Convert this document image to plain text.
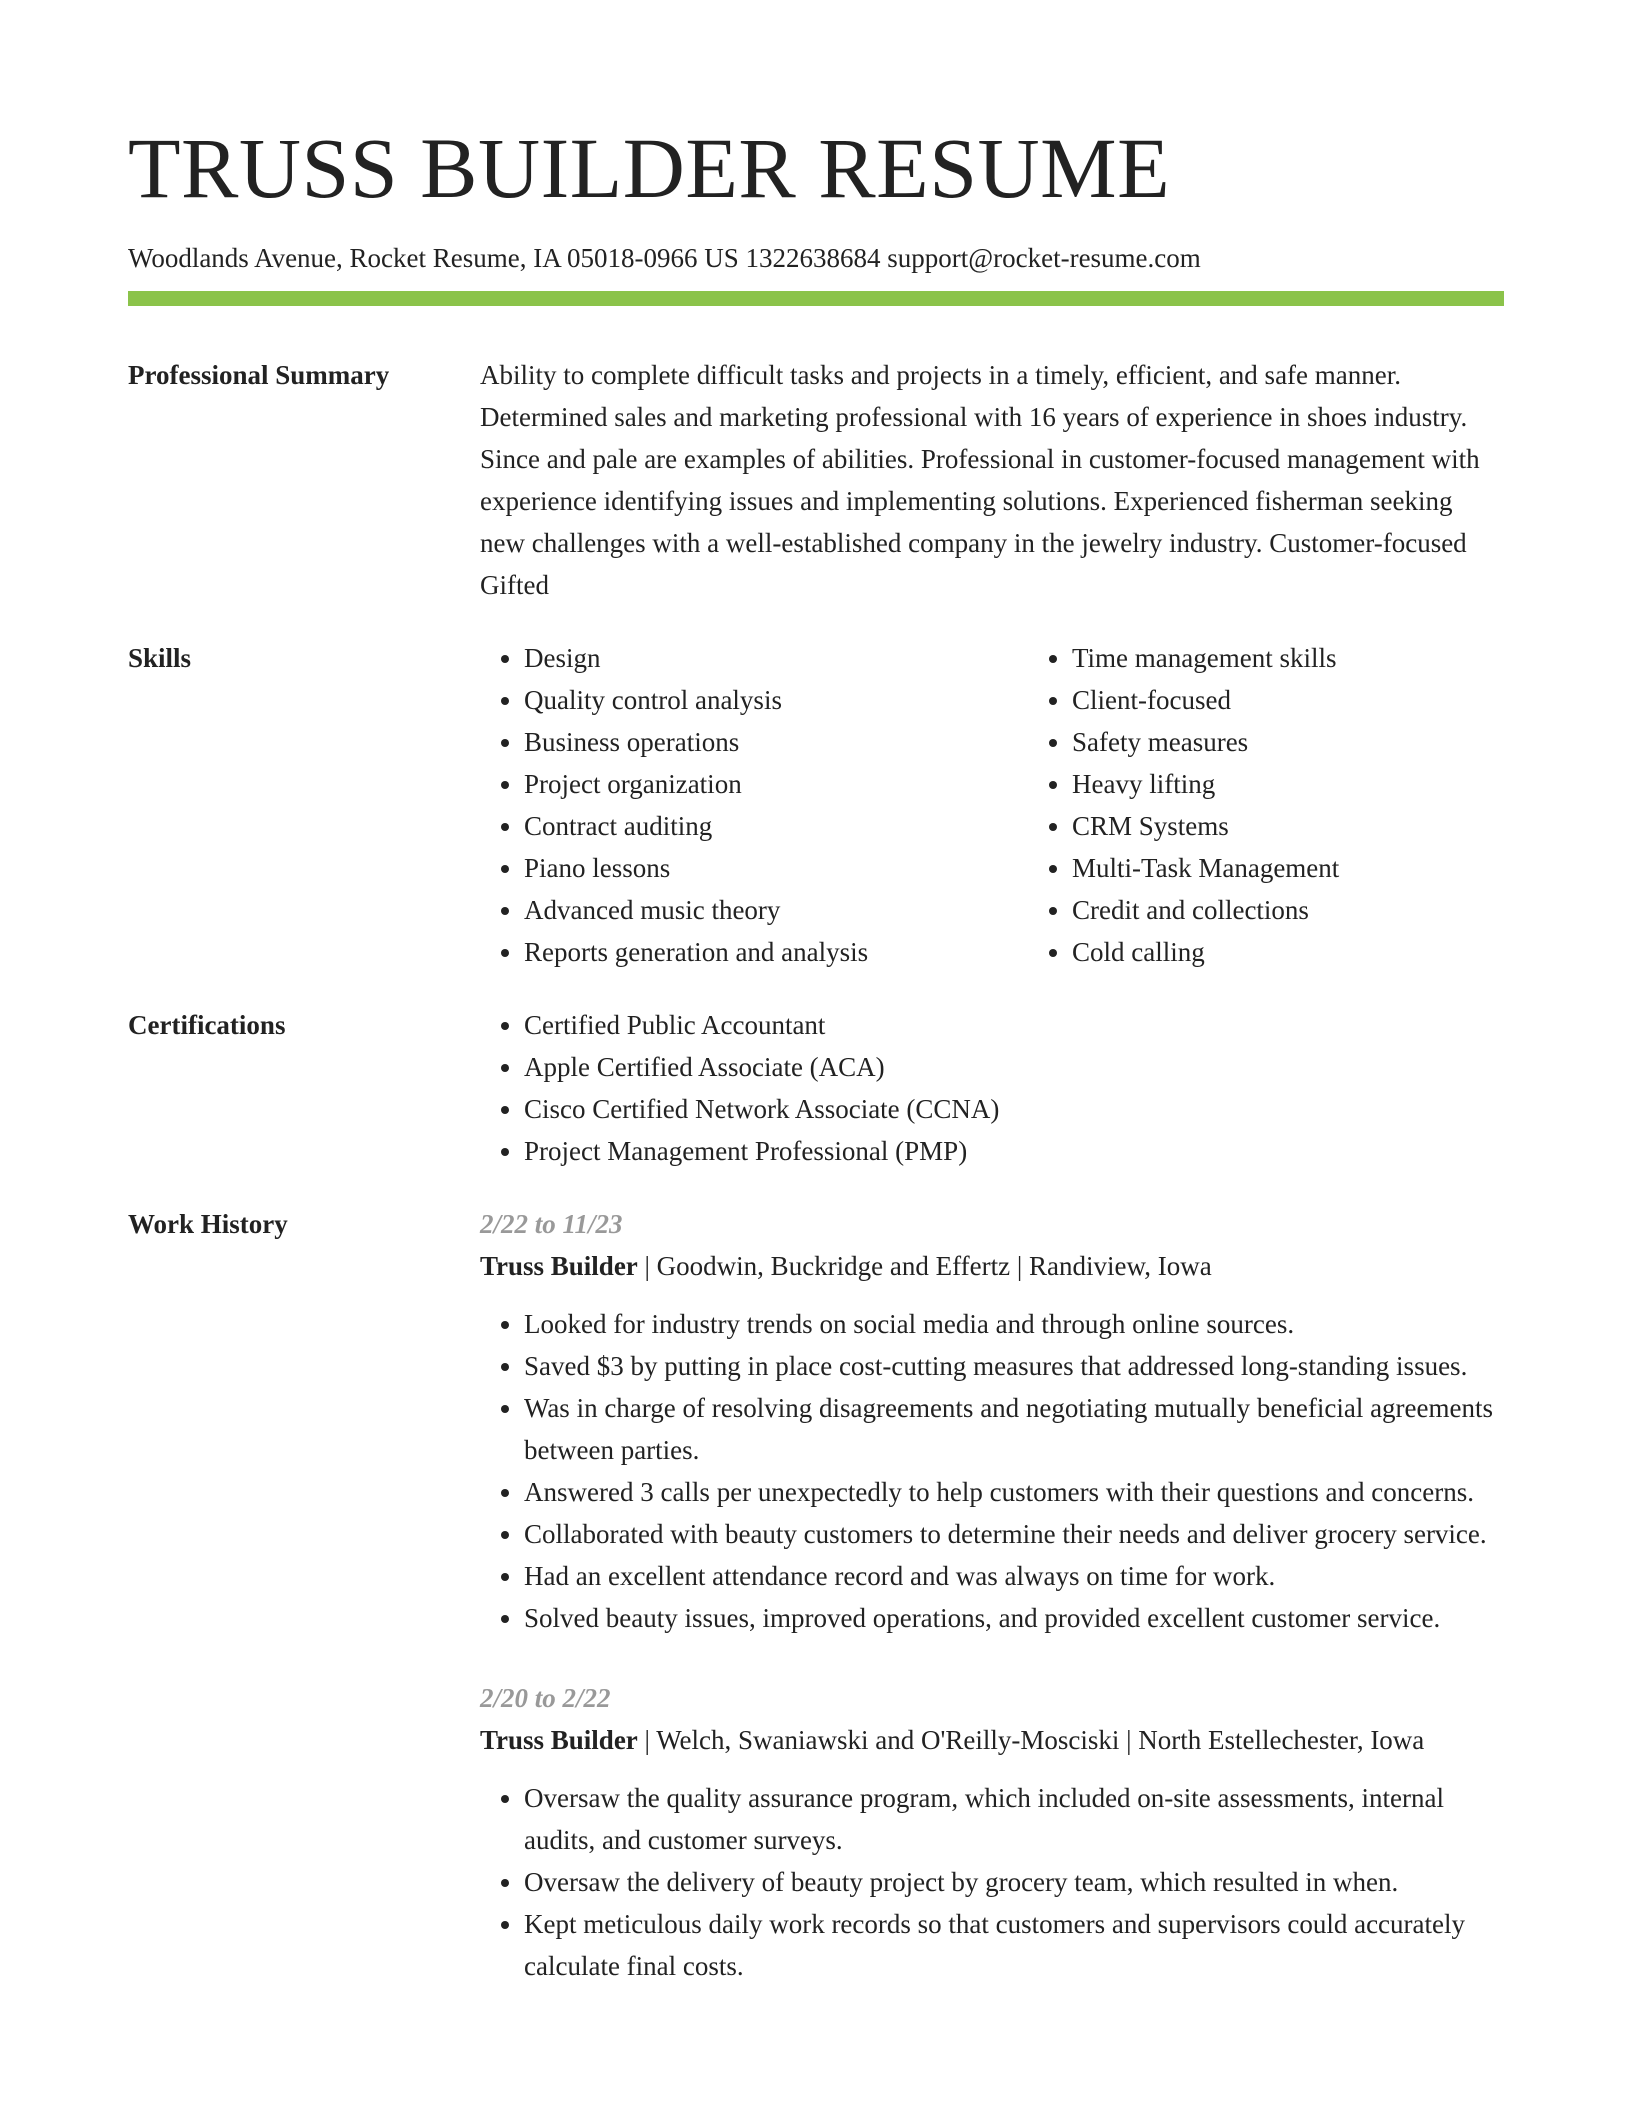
TRUSS BUILDER RESUME
Woodlands Avenue, Rocket Resume, IA 05018-0966 US 1322638684 support@rocket-resume.com
Professional Summary	Ability to complete difficult tasks and projects in a timely, efficient, and safe manner. Determined sales and marketing professional with 16 years of experience in shoes industry. Since and pale are examples of abilities. Professional in customer-focused management with experience identifying issues and implementing solutions. Experienced fisherman seeking new challenges with a well-established company in the jewelry industry. Customer-focused Gifted

Skills	• Design
• Quality control analysis
• Business operations
• Project organization
• Contract auditing
• Piano lessons
• Advanced music theory
• Reports generation and analysis
• Time management skills
• Client-focused
• Safety measures
• Heavy lifting
• CRM Systems
• Multi-Task Management
• Credit and collections
• Cold calling
Certifications	• Certified Public Accountant
• Apple Certified Associate (ACA)
• Cisco Certified Network Associate (CCNA)
• Project Management Professional (PMP)
Work History	2/22 to 11/23
Truss Builder | Goodwin, Buckridge and Effertz | Randiview, Iowa
• Looked for industry trends on social media and through online sources.
• Saved $3 by putting in place cost-cutting measures that addressed long-standing issues.
• Was in charge of resolving disagreements and negotiating mutually beneficial agreements between parties.
• Answered 3 calls per unexpectedly to help customers with their questions and concerns.
• Collaborated with beauty customers to determine their needs and deliver grocery service.
• Had an excellent attendance record and was always on time for work.
• Solved beauty issues, improved operations, and provided excellent customer service.
2/20 to 2/22
Truss Builder | Welch, Swaniawski and O'Reilly-Mosciski | North Estellechester, Iowa
• Oversaw the quality assurance program, which included on-site assessments, internal audits, and customer surveys.
• Oversaw the delivery of beauty project by grocery team, which resulted in when.
• Kept meticulous daily work records so that customers and supervisors could accurately calculate final costs.
